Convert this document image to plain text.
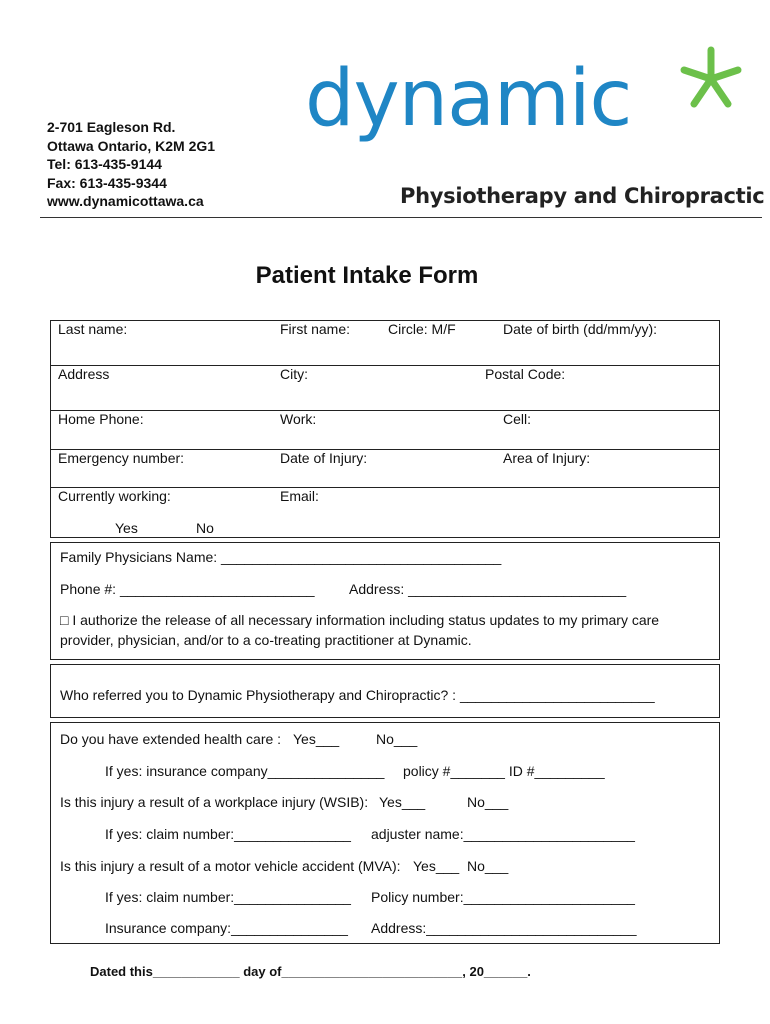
2-701 Eagleson Rd.
Ottawa Ontario, K2M 2G1
Tel: 613-435-9144
Fax: 613-435-9344
www.dynamicottawa.ca
dynamic
Physiotherapy and Chiropractic
Patient Intake Form
Last name:	First name:	Circle: M/F	Date of birth (dd/mm/yy):
Address	City:	Postal Code:
Home Phone:	Work:	Cell:
Emergency number:	Date of Injury:	Area of Injury:
Currently working:	Email:
Yes	No
Family Physicians Name: ____________________________________
Phone #: _________________________ Address: ____________________________
□ I authorize the release of all necessary information including status updates to my primary care
provider, physician, and/or to a co-treating practitioner at Dynamic.
Who referred you to Dynamic Physiotherapy and Chiropractic? : _________________________
Do you have extended health care : Yes___	No___
If yes: insurance company_______________ policy #_______ ID #_________
Is this injury a result of a workplace injury (WSIB): Yes___	No___
If yes: claim number:_______________ adjuster name:______________________
Is this injury a result of a motor vehicle accident (MVA): Yes___ No___
If yes: claim number:_______________ Policy number:______________________
Insurance company:_______________ Address:___________________________
Dated this____________ day of_________________________, 20______.
